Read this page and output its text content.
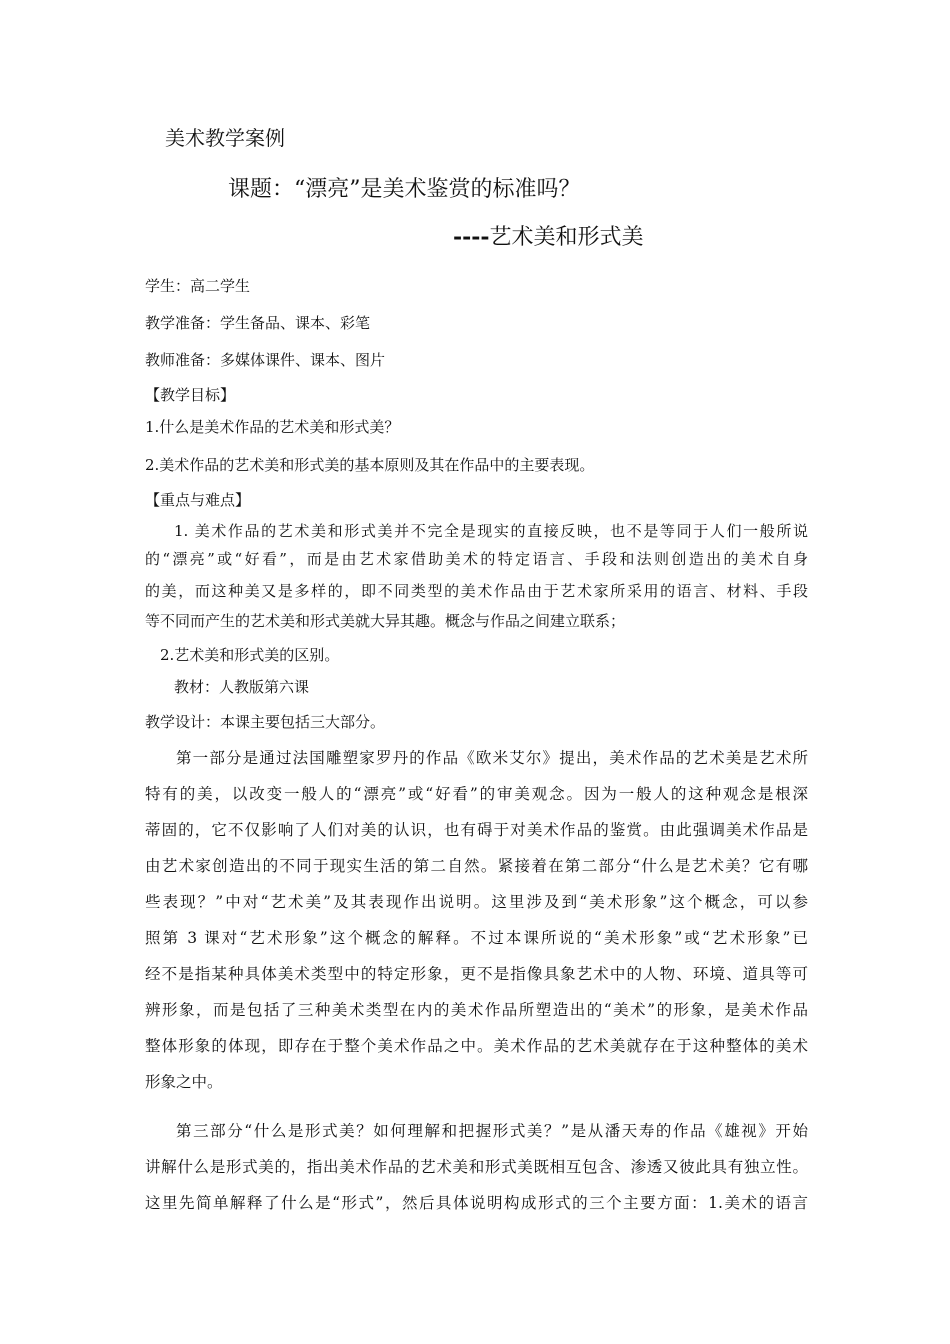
美术教学案例
课题：“漂亮”是美术鉴赏的标准吗？
----艺术美和形式美
学生：高二学生
教学准备：学生备品、课本、彩笔
教师准备：多媒体课件、课本、图片
【教学目标】
1.什么是美术作品的艺术美和形式美？
2.美术作品的艺术美和形式美的基本原则及其在作品中的主要表现。
【重点与难点】
1. 美术作品的艺术美和形式美并不完全是现实的直接反映，也不是等同于人们一般所说
的“漂亮”或“好看”，而是由艺术家借助美术的特定语言、手段和法则创造出的美术自身
的美，而这种美又是多样的，即不同类型的美术作品由于艺术家所采用的语言、材料、手段
等不同而产生的艺术美和形式美就大异其趣。概念与作品之间建立联系；
2.艺术美和形式美的区别。
教材：人教版第六课
教学设计：本课主要包括三大部分。
第一部分是通过法国雕塑家罗丹的作品《欧米艾尔》提出，美术作品的艺术美是艺术所
特有的美，以改变一般人的“漂亮”或“好看”的审美观念。因为一般人的这种观念是根深
蒂固的，它不仅影响了人们对美的认识，也有碍于对美术作品的鉴赏。由此强调美术作品是
由艺术家创造出的不同于现实生活的第二自然。紧接着在第二部分“什么是艺术美？它有哪
些表现？”中对“艺术美”及其表现作出说明。这里涉及到“美术形象”这个概念，可以参
照第 3 课对“艺术形象”这个概念的解释。不过本课所说的“美术形象”或“艺术形象”已
经不是指某种具体美术类型中的特定形象，更不是指像具象艺术中的人物、环境、道具等可
辨形象，而是包括了三种美术类型在内的美术作品所塑造出的“美术”的形象，是美术作品
整体形象的体现，即存在于整个美术作品之中。美术作品的艺术美就存在于这种整体的美术
形象之中。
第三部分“什么是形式美？如何理解和把握形式美？”是从潘天寿的作品《雄视》开始
讲解什么是形式美的，指出美术作品的艺术美和形式美既相互包含、渗透又彼此具有独立性。
这里先简单解释了什么是“形式”，然后具体说明构成形式的三个主要方面：1.美术的语言
